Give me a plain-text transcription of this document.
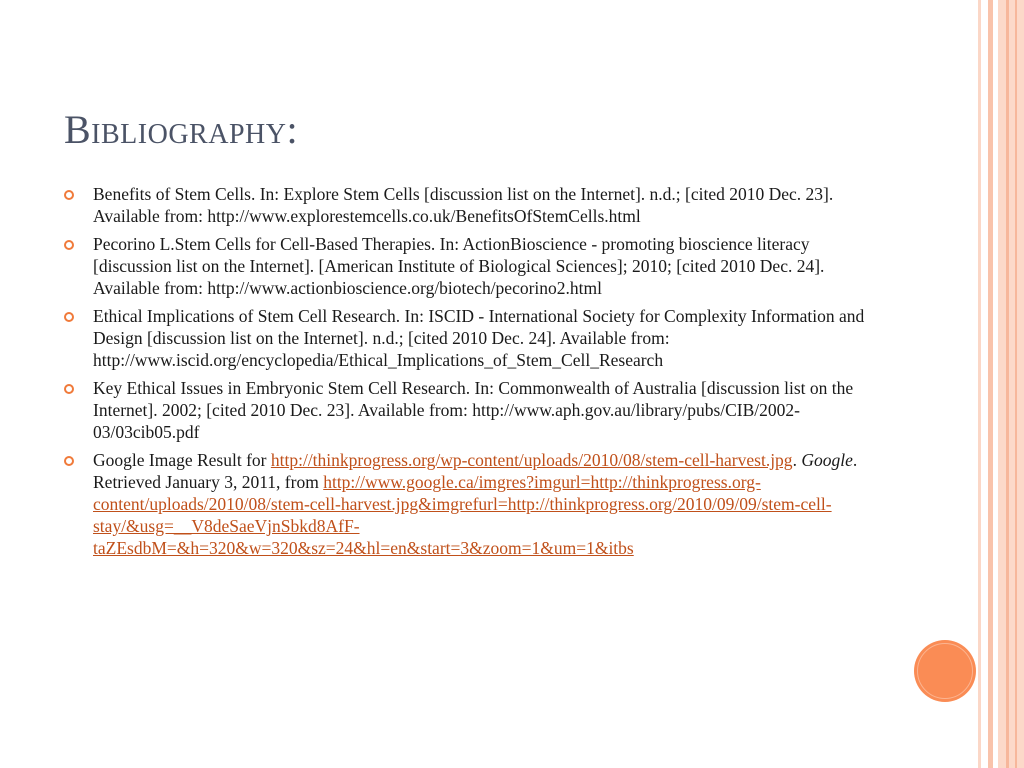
Bibliography:
Benefits of Stem Cells. In: Explore Stem Cells [discussion list on the Internet]. n.d.; [cited 2010 Dec. 23]. Available from: http://www.explorestemcells.co.uk/BenefitsOfStemCells.html
Pecorino L.Stem Cells for Cell-Based Therapies. In: ActionBioscience - promoting bioscience literacy [discussion list on the Internet]. [American Institute of Biological Sciences]; 2010; [cited 2010 Dec. 24]. Available from: http://www.actionbioscience.org/biotech/pecorino2.html
Ethical Implications of Stem Cell Research. In: ISCID - International Society for Complexity Information and Design [discussion list on the Internet]. n.d.; [cited 2010 Dec. 24]. Available from: http://www.iscid.org/encyclopedia/Ethical_Implications_of_Stem_Cell_Research
Key Ethical Issues in Embryonic Stem Cell Research. In: Commonwealth of Australia [discussion list on the Internet]. 2002; [cited 2010 Dec. 23]. Available from: http://www.aph.gov.au/library/pubs/CIB/2002-03/03cib05.pdf
Google Image Result for http://thinkprogress.org/wp-content/uploads/2010/08/stem-cell-harvest.jpg. Google. Retrieved January 3, 2011, from http://www.google.ca/imgres?imgurl=http://thinkprogress.org-content/uploads/2010/08/stem-cell-harvest.jpg&imgrefurl=http://thinkprogress.org/2010/09/09/stem-cell-stay/&usg=__V8deSaeVjnSbkd8AfF-taZEsdbM=&h=320&w=320&sz=24&hl=en&start=3&zoom=1&um=1&itbs
